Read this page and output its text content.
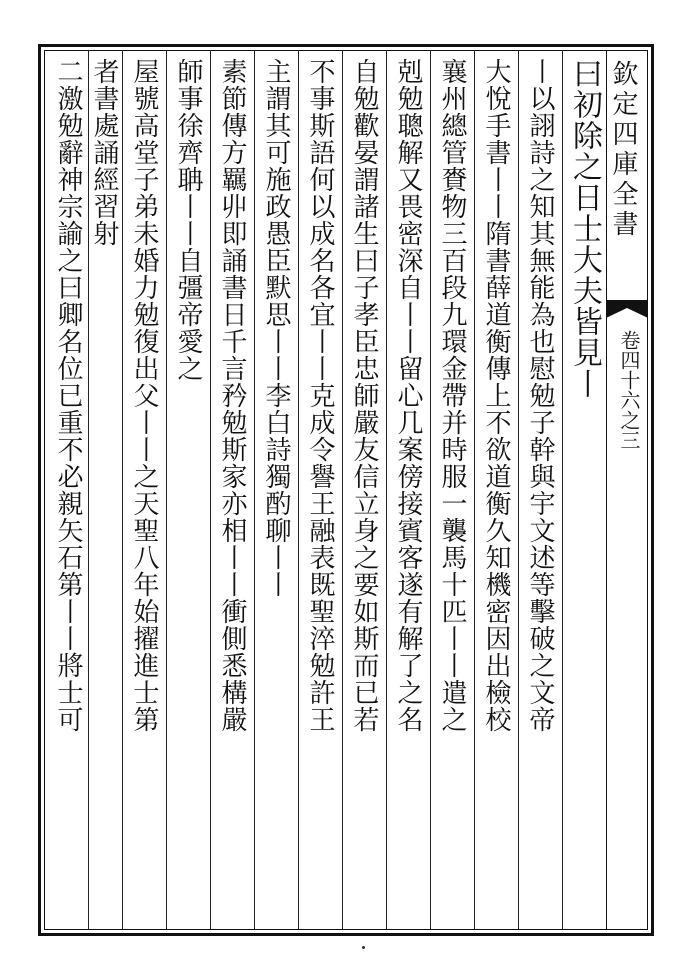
欽定四庫全書
卷四十六之三
曰初除之日士大夫皆見丨
丨以詡詩之知其無能為也慰勉子幹與宇文述等擊破之文帝
大悅手書丨丨隋書薛道衡傳上不欲道衡久知機密因出檢校
襄州總管賚物三百段九環金帶并時服一襲馬十匹丨丨遣之
剋勉聰解又畏密深自丨丨留心几案傍接賓客遂有解了之名
自勉歡晏謂諸生曰子孝臣忠師嚴友信立身之要如斯而已若
不事斯語何以成名各宜丨丨克成令譽王融表既聖淬勉許王
主謂其可施政愚臣默思丨丨李白詩獨酌聊丨丨
素節傳方羈丱即誦書日千言矜勉斯家亦相丨丨衝側悉構嚴
師事徐齊聃丨丨自彊帝愛之
屋號高堂子弟未婚力勉復出父丨丨之天聖八年始擢進士第
者書處誦經習射
二激勉辭神宗諭之曰卿名位已重不必親矢石第丨丨將士可
